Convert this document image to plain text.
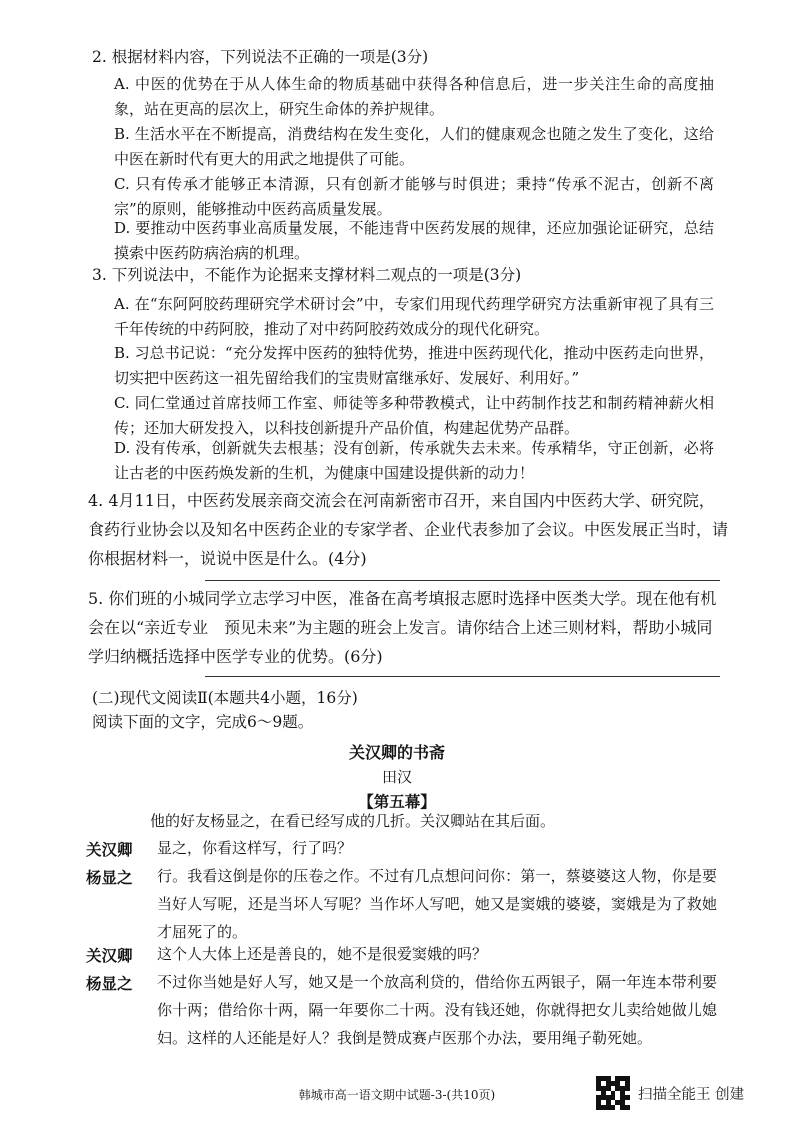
2. 根据材料内容，下列说法不正确的一项是(3分)
A. 中医的优势在于从人体生命的物质基础中获得各种信息后，进一步关注生命的高度抽象，站在更高的层次上，研究生命体的养护规律。
B. 生活水平在不断提高，消费结构在发生变化，人们的健康观念也随之发生了变化，这给中医在新时代有更大的用武之地提供了可能。
C. 只有传承才能够正本清源，只有创新才能够与时俱进；秉持“传承不泥古，创新不离宗”的原则，能够推动中医药高质量发展。
D. 要推动中医药事业高质量发展，不能违背中医药发展的规律，还应加强论证研究，总结摸索中医药防病治病的机理。
3. 下列说法中，不能作为论据来支撑材料二观点的一项是(3分)
A. 在“东阿阿胶药理研究学术研讨会”中，专家们用现代药理学研究方法重新审视了具有三千年传统的中药阿胶，推动了对中药阿胶药效成分的现代化研究。
B. 习总书记说：“充分发挥中医药的独特优势，推进中医药现代化，推动中医药走向世界，切实把中医药这一祖先留给我们的宝贵财富继承好、发展好、利用好。”
C. 同仁堂通过首席技师工作室、师徒等多种带教模式，让中药制作技艺和制药精神薪火相传；还加大研发投入，以科技创新提升产品价值，构建起优势产品群。
D. 没有传承，创新就失去根基；没有创新，传承就失去未来。传承精华，守正创新，必将让古老的中医药焕发新的生机，为健康中国建设提供新的动力！
4. 4月11日，中医药发展亲商交流会在河南新密市召开，来自国内中医药大学、研究院，食药行业协会以及知名中医药企业的专家学者、企业代表参加了会议。中医发展正当时，请你根据材料一，说说中医是什么。(4分)
5. 你们班的小城同学立志学习中医，准备在高考填报志愿时选择中医类大学。现在他有机会在以“亲近专业　预见未来”为主题的班会上发言。请你结合上述三则材料，帮助小城同学归纳概括选择中医学专业的优势。(6分)
(二)现代文阅读Ⅱ(本题共4小题，16分)
阅读下面的文字，完成6～9题。
关汉卿的书斋
田汉
【第五幕】
他的好友杨显之，在看已经写成的几折。关汉卿站在其后面。
关汉卿 显之，你看这样写，行了吗？
杨显之 行。我看这倒是你的压卷之作。不过有几点想问问你：第一，蔡婆婆这人物，你是要当好人写呢，还是当坏人写呢？当作坏人写吧，她又是窦娥的婆婆，窦娥是为了救她才屈死了的。
关汉卿 这个人大体上还是善良的，她不是很爱窦娥的吗？
杨显之 不过你当她是好人写，她又是一个放高利贷的，借给你五两银子，隔一年连本带利要你十两；借给你十两，隔一年要你二十两。没有钱还她，你就得把女儿卖给她做儿媳妇。这样的人还能是好人？我倒是赞成赛卢医那个办法，要用绳子勒死她。
韩城市高一语文期中试题-3-(共10页)	扫描全能王 创建
